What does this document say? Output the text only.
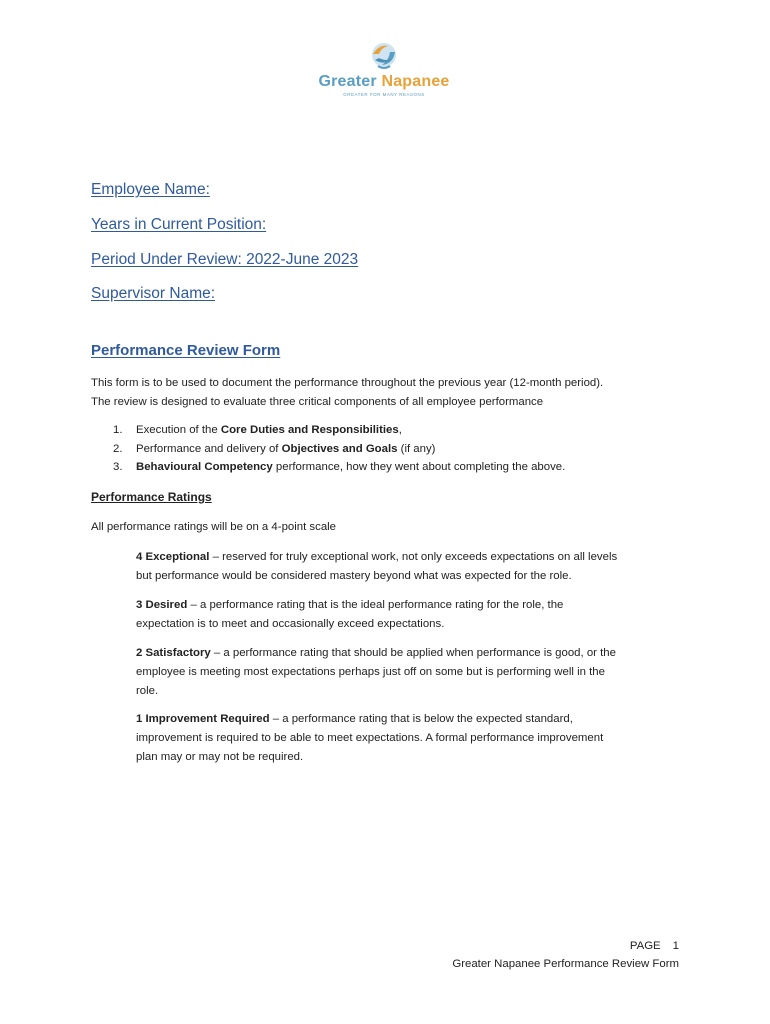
Greater Napanee
GREATER FOR MANY REASONS
Employee Name:
Years in Current Position:
Period Under Review: 2022-June 2023
Supervisor Name:
Performance Review Form

This form is to be used to document the performance throughout the previous year (12-month period).

The review is designed to evaluate three critical components of all employee performance

1. Execution of the Core Duties and Responsibilities,
2. Performance and delivery of Objectives and Goals (if any)
3. Behavioural Competency performance, how they went about completing the above.
Performance Ratings

All performance ratings will be on a 4-point scale

4 Exceptional – reserved for truly exceptional work, not only exceeds expectations on all levels
but performance would be considered mastery beyond what was expected for the role.

3 Desired – a performance rating that is the ideal performance rating for the role, the
expectation is to meet and occasionally exceed expectations.

2 Satisfactory – a performance rating that should be applied when performance is good, or the
employee is meeting most expectations perhaps just off on some but is performing well in the
role.

1 Improvement Required – a performance rating that is below the expected standard,
improvement is required to be able to meet expectations. A formal performance improvement
plan may or may not be required.

PAGE 1

Greater Napanee Performance Review Form
